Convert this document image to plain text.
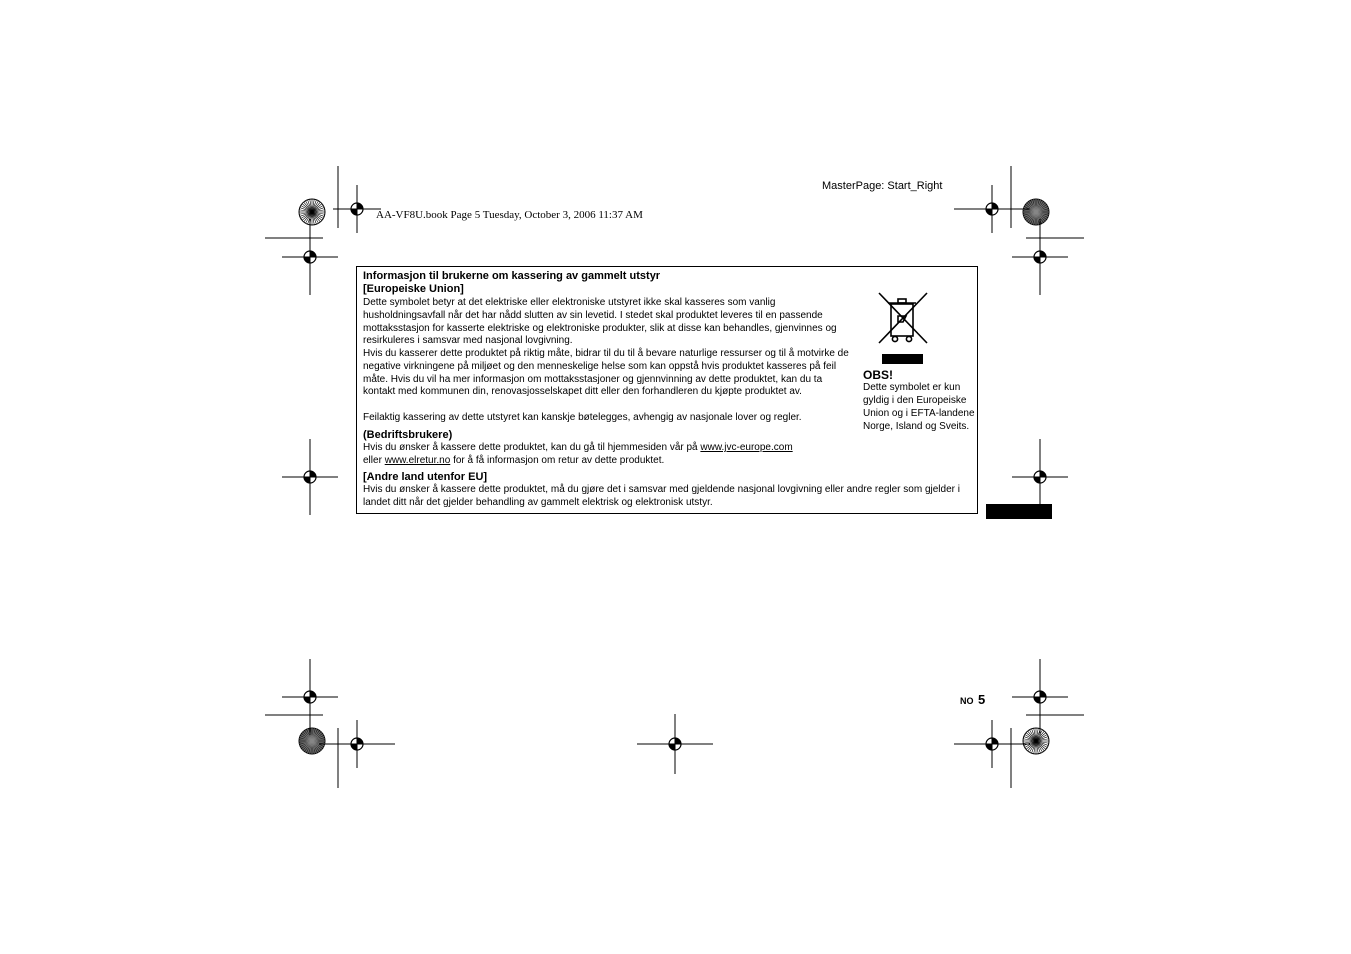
MasterPage: Start_Right
AA-VF8U.book Page 5 Tuesday, October 3, 2006 11:37 AM
Informasjon til brukerne om kassering av gammelt utstyr
[Europeiske Union]
Dette symbolet betyr at det elektriske eller elektroniske utstyret ikke skal kasseres som vanlig husholdningsavfall når det har nådd slutten av sin levetid. I stedet skal produktet leveres til en passende mottaksstasjon for kasserte elektriske og elektroniske produkter, slik at disse kan behandles, gjenvinnes og resirkuleres i samsvar med nasjonal lovgivning.
Hvis du kasserer dette produktet på riktig måte, bidrar til du til å bevare naturlige ressurser og til å motvirke de negative virkningene på miljøet og den menneskelige helse som kan oppstå hvis produktet kasseres på feil måte. Hvis du vil ha mer informasjon om mottaksstasjoner og gjennvinning av dette produktet, kan du ta kontakt med kommunen din, renovasjosselskapet ditt eller den forhandleren du kjøpte produktet av.
Feilaktig kassering av dette utstyret kan kanskje bøtelegges, avhengig av nasjonale lover og regler.
(Bedriftsbrukere)
Hvis du ønsker å kassere dette produktet, kan du gå til hjemmesiden vår på www.jvc-europe.com
eller www.elretur.no for å få informasjon om retur av dette produktet.
[Andre land utenfor EU]
Hvis du ønsker å kassere dette produktet, må du gjøre det i samsvar med gjeldende nasjonal lovgivning eller andre regler som gjelder i landet ditt når det gjelder behandling av gammelt elektrisk og elektronisk utstyr.
OBS!
Dette symbolet er kun gyldig i den Europeiske Union og i EFTA-landene Norge, Island og Sveits.
NO 5
